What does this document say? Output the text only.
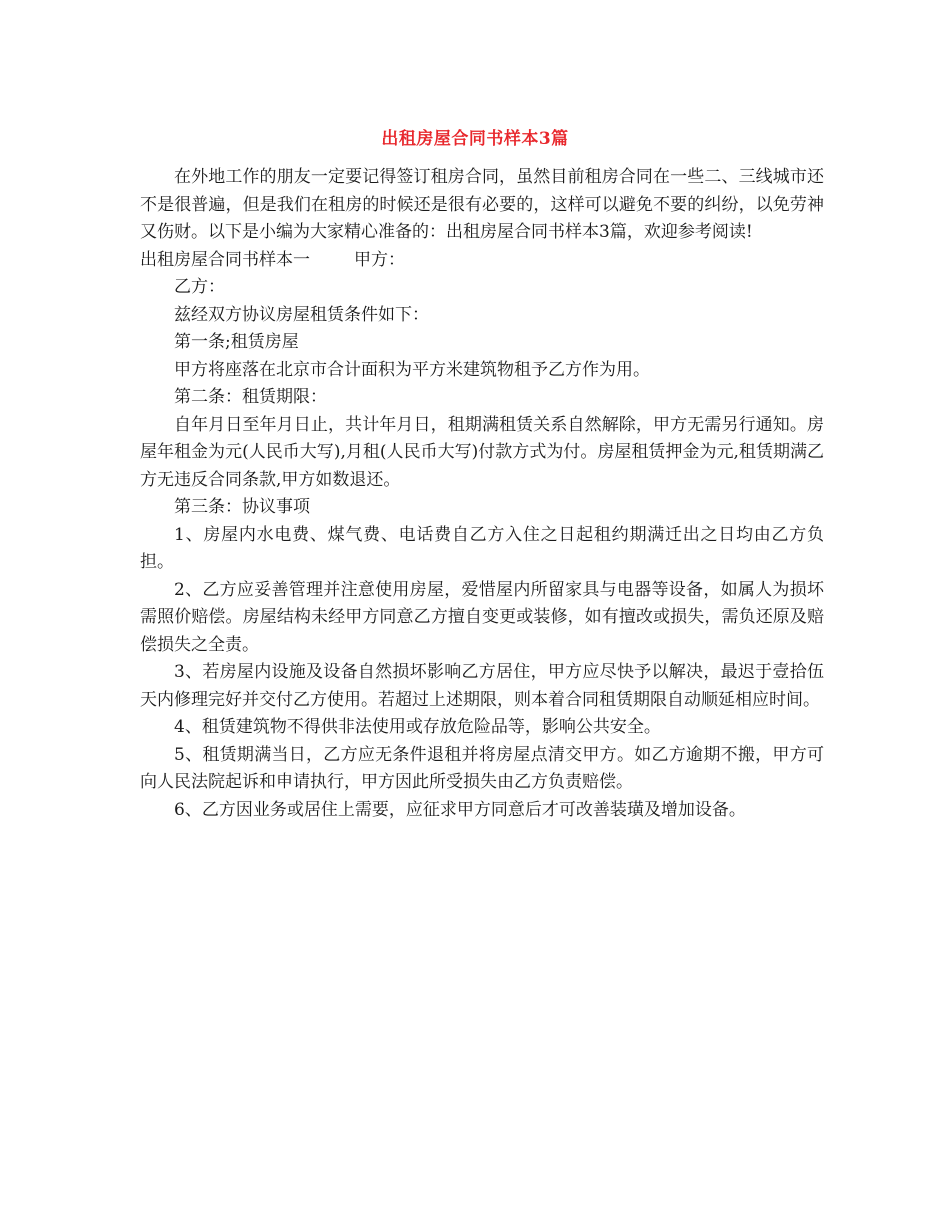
出租房屋合同书样本3篇

在外地工作的朋友一定要记得签订租房合同，虽然目前租房合同在一些二、三线城市还不是很普遍，但是我们在租房的时候还是很有必要的，这样可以避免不要的纠纷，以免劳神又伤财。以下是小编为大家精心准备的：出租房屋合同书样本3篇，欢迎参考阅读!

出租房屋合同书样本一	甲方：

乙方：

兹经双方协议房屋租赁条件如下：

第一条;租赁房屋

甲方将座落在北京市合计面积为平方米建筑物租予乙方作为用。

第二条：租赁期限：

自年月日至年月日止，共计年月日，租期满租赁关系自然解除，甲方无需另行通知。房屋年租金为元(人民币大写),月租(人民币大写)付款方式为付。房屋租赁押金为元,租赁期满乙方无违反合同条款,甲方如数退还。

第三条：协议事项

1、房屋内水电费、煤气费、电话费自乙方入住之日起租约期满迁出之日均由乙方负担。

2、乙方应妥善管理并注意使用房屋，爱惜屋内所留家具与电器等设备，如属人为损坏需照价赔偿。房屋结构未经甲方同意乙方擅自变更或装修，如有擅改或损失，需负还原及赔偿损失之全责。

3、若房屋内设施及设备自然损坏影响乙方居住，甲方应尽快予以解决，最迟于壹拾伍天内修理完好并交付乙方使用。若超过上述期限，则本着合同租赁期限自动顺延相应时间。

4、租赁建筑物不得供非法使用或存放危险品等，影响公共安全。

5、租赁期满当日，乙方应无条件退租并将房屋点清交甲方。如乙方逾期不搬，甲方可向人民法院起诉和申请执行，甲方因此所受损失由乙方负责赔偿。

6、乙方因业务或居住上需要，应征求甲方同意后才可改善装璜及增加设备。
